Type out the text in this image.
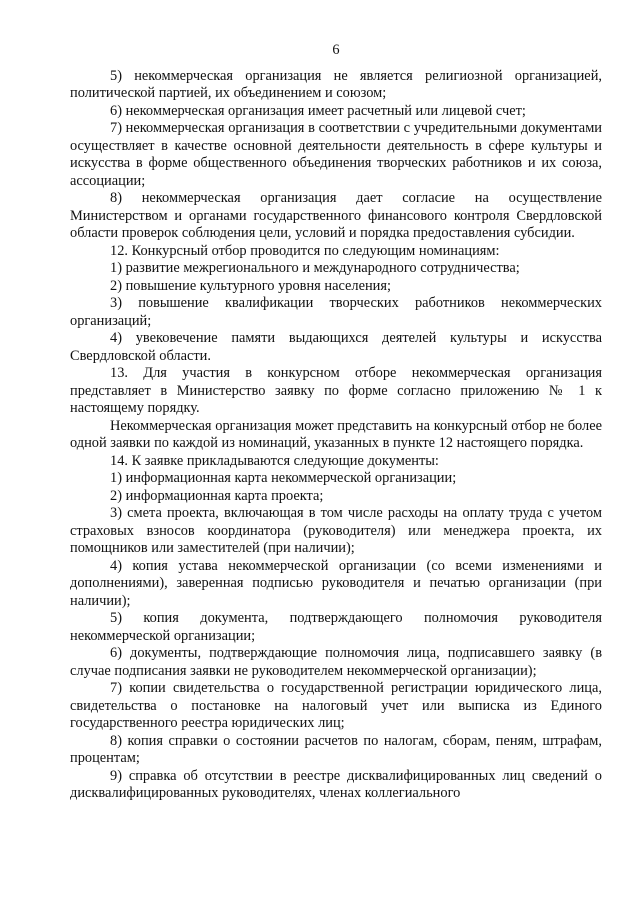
6

5) некоммерческая организация не является религиозной организацией, политической партией, их объединением и союзом;

6) некоммерческая организация имеет расчетный или лицевой счет;

7) некоммерческая организация в соответствии с учредительными документами осуществляет в качестве основной деятельности деятельность в сфере культуры и искусства в форме общественного объединения творческих работников и их союза, ассоциации;

8) некоммерческая организация дает согласие на осуществление Министерством и органами государственного финансового контроля Свердловской области проверок соблюдения цели, условий и порядка предоставления субсидии.

12. Конкурсный отбор проводится по следующим номинациям:

1) развитие межрегионального и международного сотрудничества;

2) повышение культурного уровня населения;

3) повышение квалификации творческих работников некоммерческих организаций;

4) увековечение памяти выдающихся деятелей культуры и искусства Свердловской области.

13. Для участия в конкурсном отборе некоммерческая организация представляет в Министерство заявку по форме согласно приложению № 1 к настоящему порядку.

Некоммерческая организация может представить на конкурсный отбор не более одной заявки по каждой из номинаций, указанных в пункте 12 настоящего порядка.

14. К заявке прикладываются следующие документы:

1) информационная карта некоммерческой организации;

2) информационная карта проекта;

3) смета проекта, включающая в том числе расходы на оплату труда с учетом страховых взносов координатора (руководителя) или менеджера проекта, их помощников или заместителей (при наличии);

4) копия устава некоммерческой организации (со всеми изменениями и дополнениями), заверенная подписью руководителя и печатью организации (при наличии);

5) копия документа, подтверждающего полномочия руководителя некоммерческой организации;

6) документы, подтверждающие полномочия лица, подписавшего заявку (в случае подписания заявки не руководителем некоммерческой организации);

7) копии свидетельства о государственной регистрации юридического лица, свидетельства о постановке на налоговый учет или выписка из Единого государственного реестра юридических лиц;

8) копия справки о состоянии расчетов по налогам, сборам, пеням, штрафам, процентам;

9) справка об отсутствии в реестре дисквалифицированных лиц сведений о дисквалифицированных руководителях, членах коллегиального
